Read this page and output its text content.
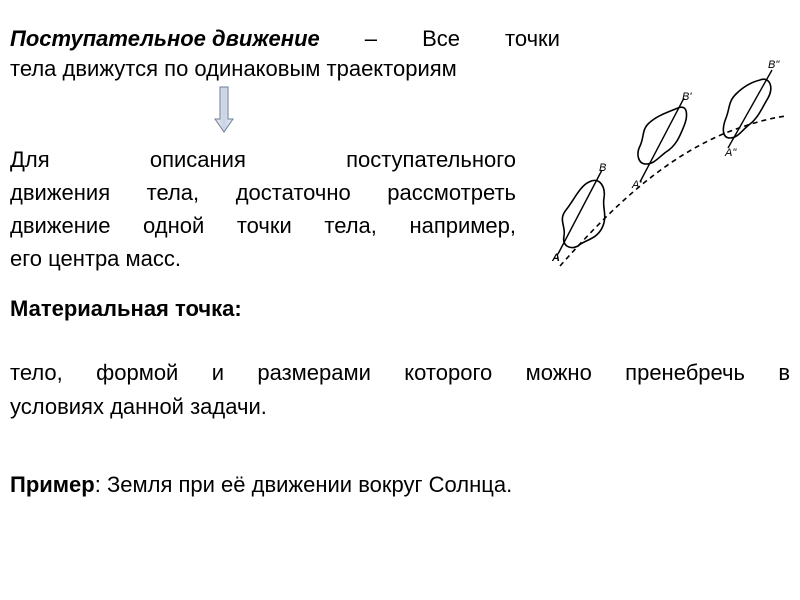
Поступательное движение – Все точки
тела движутся по одинаковым траекториям
Для	описания	поступательного
движения тела, достаточно рассмотреть
движение одной точки тела, например,
его центра масс.	A
B
A'
B'
A"
B"
Материальная точка:
тело, формой и размерами которого можно пренебречь в
условиях данной задачи.
Пример: Земля при её движении вокруг Солнца.
